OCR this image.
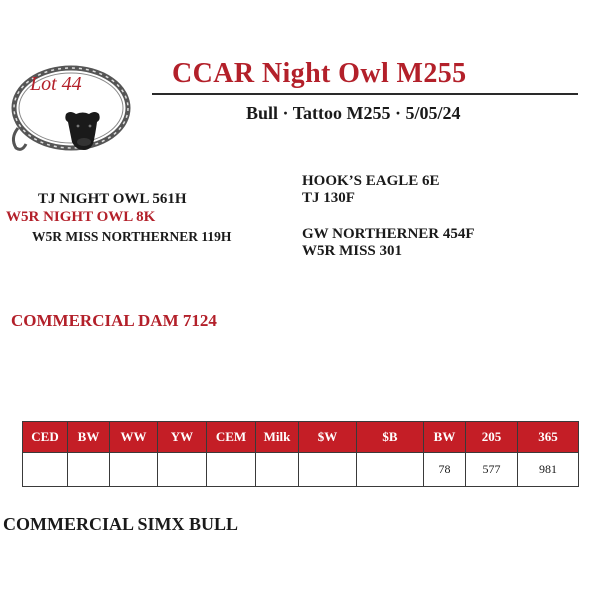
Lot 44	CCAR Night Owl M255
Bull · Tattoo M255 · 5/05/24
HOOK’S EAGLE 6E
TJ NIGHT OWL 561H	TJ 130F
W5R NIGHT OWL 8K
W5R MISS NORTHERNER 119H	GW NORTHERNER 454F
W5R MISS 301
COMMERCIAL DAM 7124
CED	BW	WW	YW	CEM	Milk	$W	$B	BW	205	365
								78	577	981
COMMERCIAL SIMX BULL
